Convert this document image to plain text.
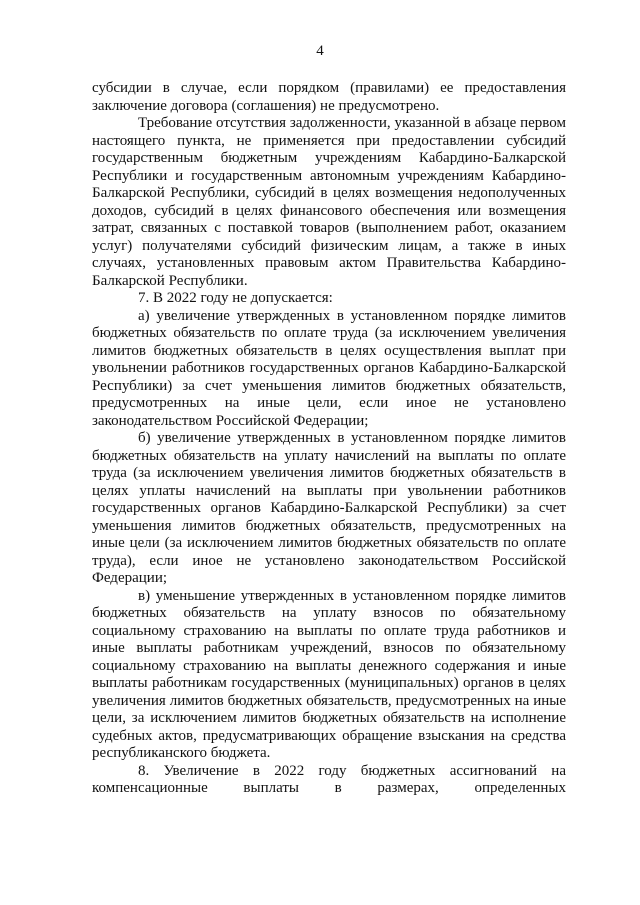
4

субсидии в случае, если порядком (правилами) ее предоставления заключение договора (соглашения) не предусмотрено.

Требование отсутствия задолженности, указанной в абзаце первом настоящего пункта, не применяется при предоставлении субсидий государственным бюджетным учреждениям Кабардино-Балкарской Республики и государственным автономным учреждениям Кабардино-Балкарской Республики, субсидий в целях возмещения недополученных доходов, субсидий в целях финансового обеспечения или возмещения затрат, связанных с поставкой товаров (выполнением работ, оказанием услуг) получателями субсидий физическим лицам, а также в иных случаях, установленных правовым актом Правительства Кабардино-Балкарской Республики.

7. В 2022 году не допускается:

а) увеличение утвержденных в установленном порядке лимитов бюджетных обязательств по оплате труда (за исключением увеличения лимитов бюджетных обязательств в целях осуществления выплат при увольнении работников государственных органов Кабардино-Балкарской Республики) за счет уменьшения лимитов бюджетных обязательств, предусмотренных на иные цели, если иное не установлено законодательством Российской Федерации;

б) увеличение утвержденных в установленном порядке лимитов бюджетных обязательств на уплату начислений на выплаты по оплате труда (за исключением увеличения лимитов бюджетных обязательств в целях уплаты начислений на выплаты при увольнении работников государственных органов Кабардино-Балкарской Республики) за счет уменьшения лимитов бюджетных обязательств, предусмотренных на иные цели (за исключением лимитов бюджетных обязательств по оплате труда), если иное не установлено законодательством Российской Федерации;

в) уменьшение утвержденных в установленном порядке лимитов бюджетных обязательств на уплату взносов по обязательному социальному страхованию на выплаты по оплате труда работников и иные выплаты работникам учреждений, взносов по обязательному социальному страхованию на выплаты денежного содержания и иные выплаты работникам государственных (муниципальных) органов в целях увеличения лимитов бюджетных обязательств, предусмотренных на иные цели, за исключением лимитов бюджетных обязательств на исполнение судебных актов, предусматривающих обращение взыскания на средства республиканского бюджета.

8. Увеличение в 2022 году бюджетных ассигнований на компенсационные выплаты в размерах, определенных
